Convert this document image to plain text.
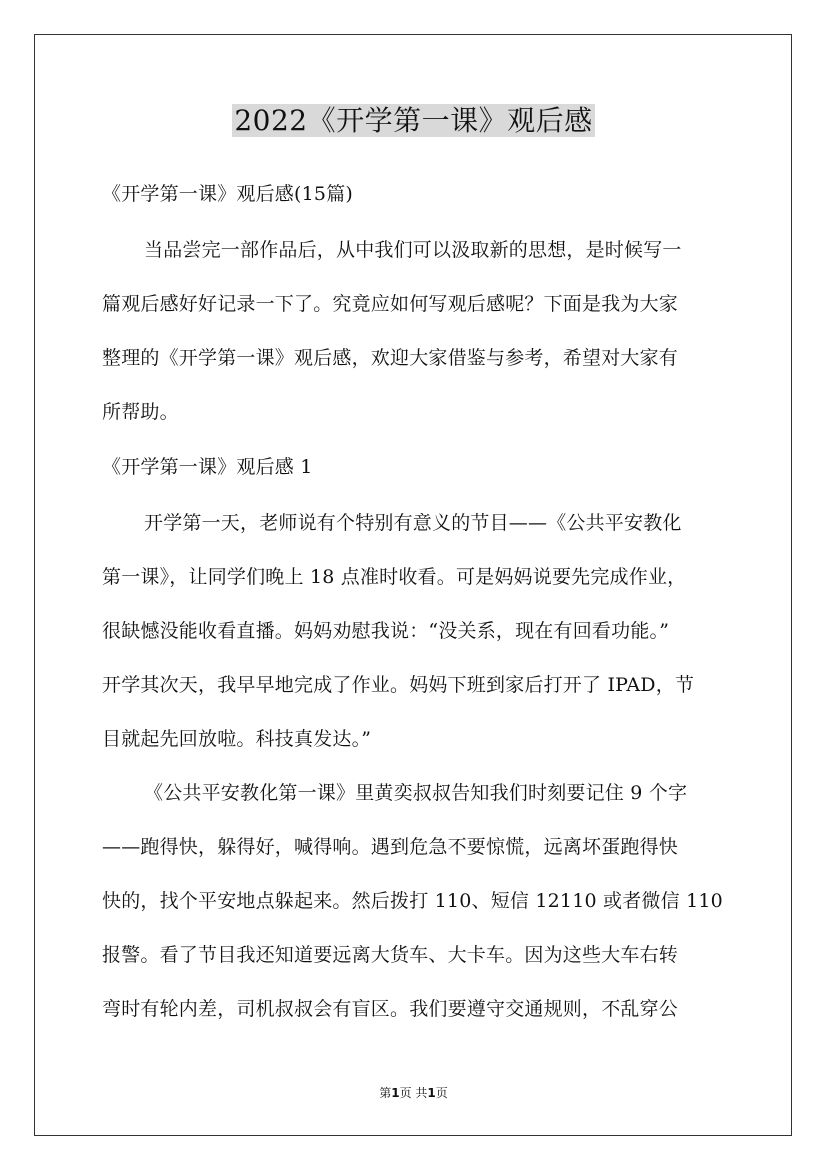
2022《开学第一课》观后感
《开学第一课》观后感(15篇)
当品尝完一部作品后，从中我们可以汲取新的思想，是时候写一
篇观后感好好记录一下了。究竟应如何写观后感呢？下面是我为大家
整理的《开学第一课》观后感，欢迎大家借鉴与参考，希望对大家有
所帮助。
《开学第一课》观后感 1
开学第一天，老师说有个特别有意义的节目——《公共平安教化
第一课》，让同学们晚上 18 点准时收看。可是妈妈说要先完成作业，
很缺憾没能收看直播。妈妈劝慰我说：“没关系，现在有回看功能。”
开学其次天，我早早地完成了作业。妈妈下班到家后打开了 IPAD，节
目就起先回放啦。科技真发达。”
《公共平安教化第一课》里黄奕叔叔告知我们时刻要记住 9 个字
——跑得快，躲得好，喊得响。遇到危急不要惊慌，远离坏蛋跑得快
快的，找个平安地点躲起来。然后拨打 110、短信 12110 或者微信 110
报警。看了节目我还知道要远离大货车、大卡车。因为这些大车右转
弯时有轮内差，司机叔叔会有盲区。我们要遵守交通规则，不乱穿公
第1页 共1页
